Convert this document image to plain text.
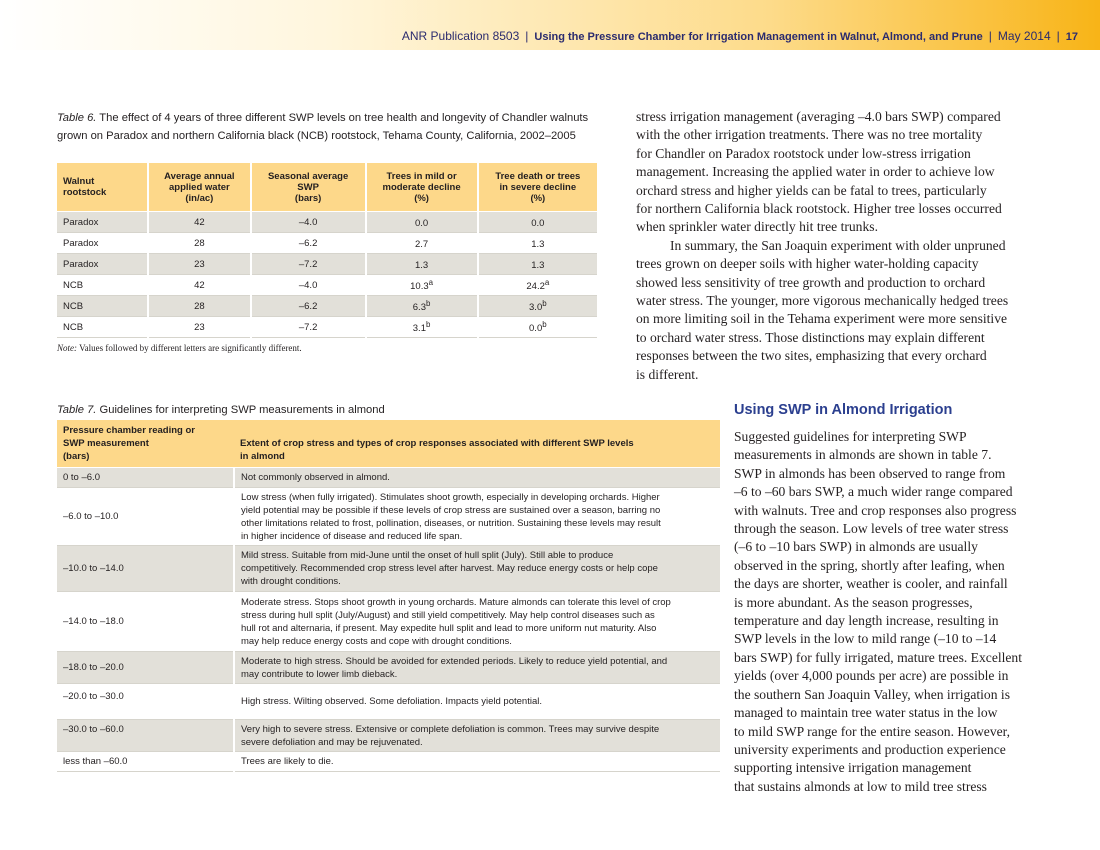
ANR Publication 8503 | Using the Pressure Chamber for Irrigation Management in Walnut, Almond, and Prune | May 2014 | 17
Table 6. The effect of 4 years of three different SWP levels on tree health and longevity of Chandler walnuts grown on Paradox and northern California black (NCB) rootstock, Tehama County, California, 2002–2005
Walnut
rootstock	Average annual
applied water
(in/ac)	Seasonal average
SWP
(bars)	Trees in mild or
moderate decline
(%)	Tree death or trees
in severe decline
(%)
Paradox	42	–4.0	0.0	0.0
Paradox	28	–6.2	2.7	1.3
Paradox	23	–7.2	1.3	1.3
NCB	42	–4.0	10.3$^a$	24.2$^a$
NCB	28	–6.2	6.3$^b$	3.0$^b$
NCB	23	–7.2	3.1$^b$	0.0$^b$
Note: Values followed by different letters are significantly different.
Table 7. Guidelines for interpreting SWP measurements in almond
Pressure chamber reading or
SWP measurement
(bars)	Extent of crop stress and types of crop responses associated with different SWP levels
in almond
0 to –6.0	Not commonly observed in almond.
–6.0 to –10.0	Low stress (when fully irrigated). Stimulates shoot growth, especially in developing orchards. Higher
yield potential may be possible if these levels of crop stress are sustained over a season, barring no
other limitations related to frost, pollination, diseases, or nutrition. Sustaining these levels may result
in higher incidence of disease and reduced life span.
–10.0 to –14.0	Mild stress. Suitable from mid-June until the onset of hull split (July). Still able to produce
competitively. Recommended crop stress level after harvest. May reduce energy costs or help cope
with drought conditions.
–14.0 to –18.0	Moderate stress. Stops shoot growth in young orchards. Mature almonds can tolerate this level of crop
stress during hull split (July/August) and still yield competitively. May help control diseases such as
hull rot and alternaria, if present. May expedite hull split and lead to more uniform nut maturity. Also
may help reduce energy costs and cope with drought conditions.
–18.0 to –20.0	Moderate to high stress. Should be avoided for extended periods. Likely to reduce yield potential, and
may contribute to lower limb dieback.
–20.0 to –30.0	High stress. Wilting observed. Some defoliation. Impacts yield potential.
–30.0 to –60.0	Very high to severe stress. Extensive or complete defoliation is common. Trees may survive despite
severe defoliation and may be rejuvenated.
less than –60.0	Trees are likely to die.

stress irrigation management (averaging –4.0 bars SWP) compared
with the other irrigation treatments. There was no tree mortality
for Chandler on Paradox rootstock under low-stress irrigation
management. Increasing the applied water in order to achieve low
orchard stress and higher yields can be fatal to trees, particularly
for northern California black rootstock. Higher tree losses occurred
when sprinkler water directly hit tree trunks.

In summary, the San Joaquin experiment with older unpruned
trees grown on deeper soils with higher water-holding capacity
showed less sensitivity of tree growth and production to orchard
water stress. The younger, more vigorous mechanically hedged trees
on more limiting soil in the Tehama experiment were more sensitive
to orchard water stress. Those distinctions may explain different
responses between the two sites, emphasizing that every orchard
is different.

Using SWP in Almond Irrigation

Suggested guidelines for interpreting SWP
measurements in almonds are shown in table 7.
SWP in almonds has been observed to range from
–6 to –60 bars SWP, a much wider range compared
with walnuts. Tree and crop responses also progress
through the season. Low levels of tree water stress
(–6 to –10 bars SWP) in almonds are usually
observed in the spring, shortly after leafing, when
the days are shorter, weather is cooler, and rainfall
is more abundant. As the season progresses,
temperature and day length increase, resulting in
SWP levels in the low to mild range (–10 to –14
bars SWP) for fully irrigated, mature trees. Excellent
yields (over 4,000 pounds per acre) are possible in
the southern San Joaquin Valley, when irrigation is
managed to maintain tree water status in the low
to mild SWP range for the entire season. However,
university experiments and production experience
supporting intensive irrigation management
that sustains almonds at low to mild tree stress
